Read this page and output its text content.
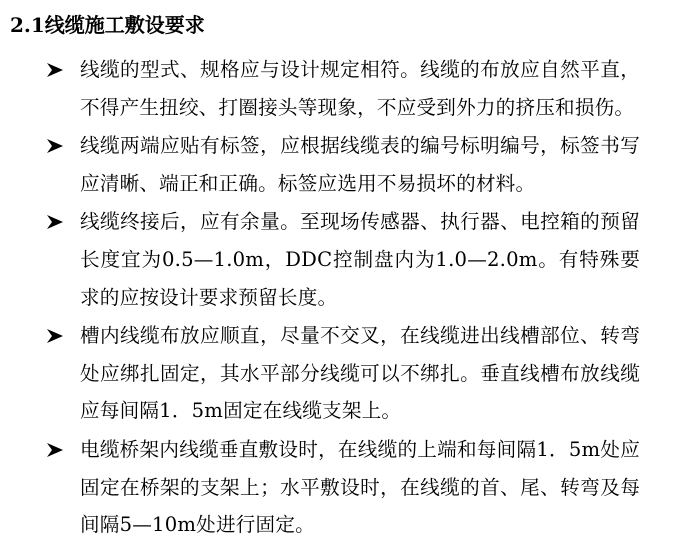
2.1线缆施工敷设要求
线缆的型式、规格应与设计规定相符。线缆的布放应自然平直，不得产生扭绞、打圈接头等现象，不应受到外力的挤压和损伤。
线缆两端应贴有标签，应根据线缆表的编号标明编号，标签书写应清晰、端正和正确。标签应选用不易损坏的材料。
线缆终接后，应有余量。至现场传感器、执行器、电控箱的预留长度宜为0.5—1.0m，DDC控制盘内为1.0—2.0m。有特殊要求的应按设计要求预留长度。
槽内线缆布放应顺直，尽量不交叉，在线缆进出线槽部位、转弯处应绑扎固定，其水平部分线缆可以不绑扎。垂直线槽布放线缆应每间隔1．5m固定在线缆支架上。
电缆桥架内线缆垂直敷设时，在线缆的上端和每间隔1．5m处应固定在桥架的支架上；水平敷设时，在线缆的首、尾、转弯及每间隔5—10m处进行固定。
